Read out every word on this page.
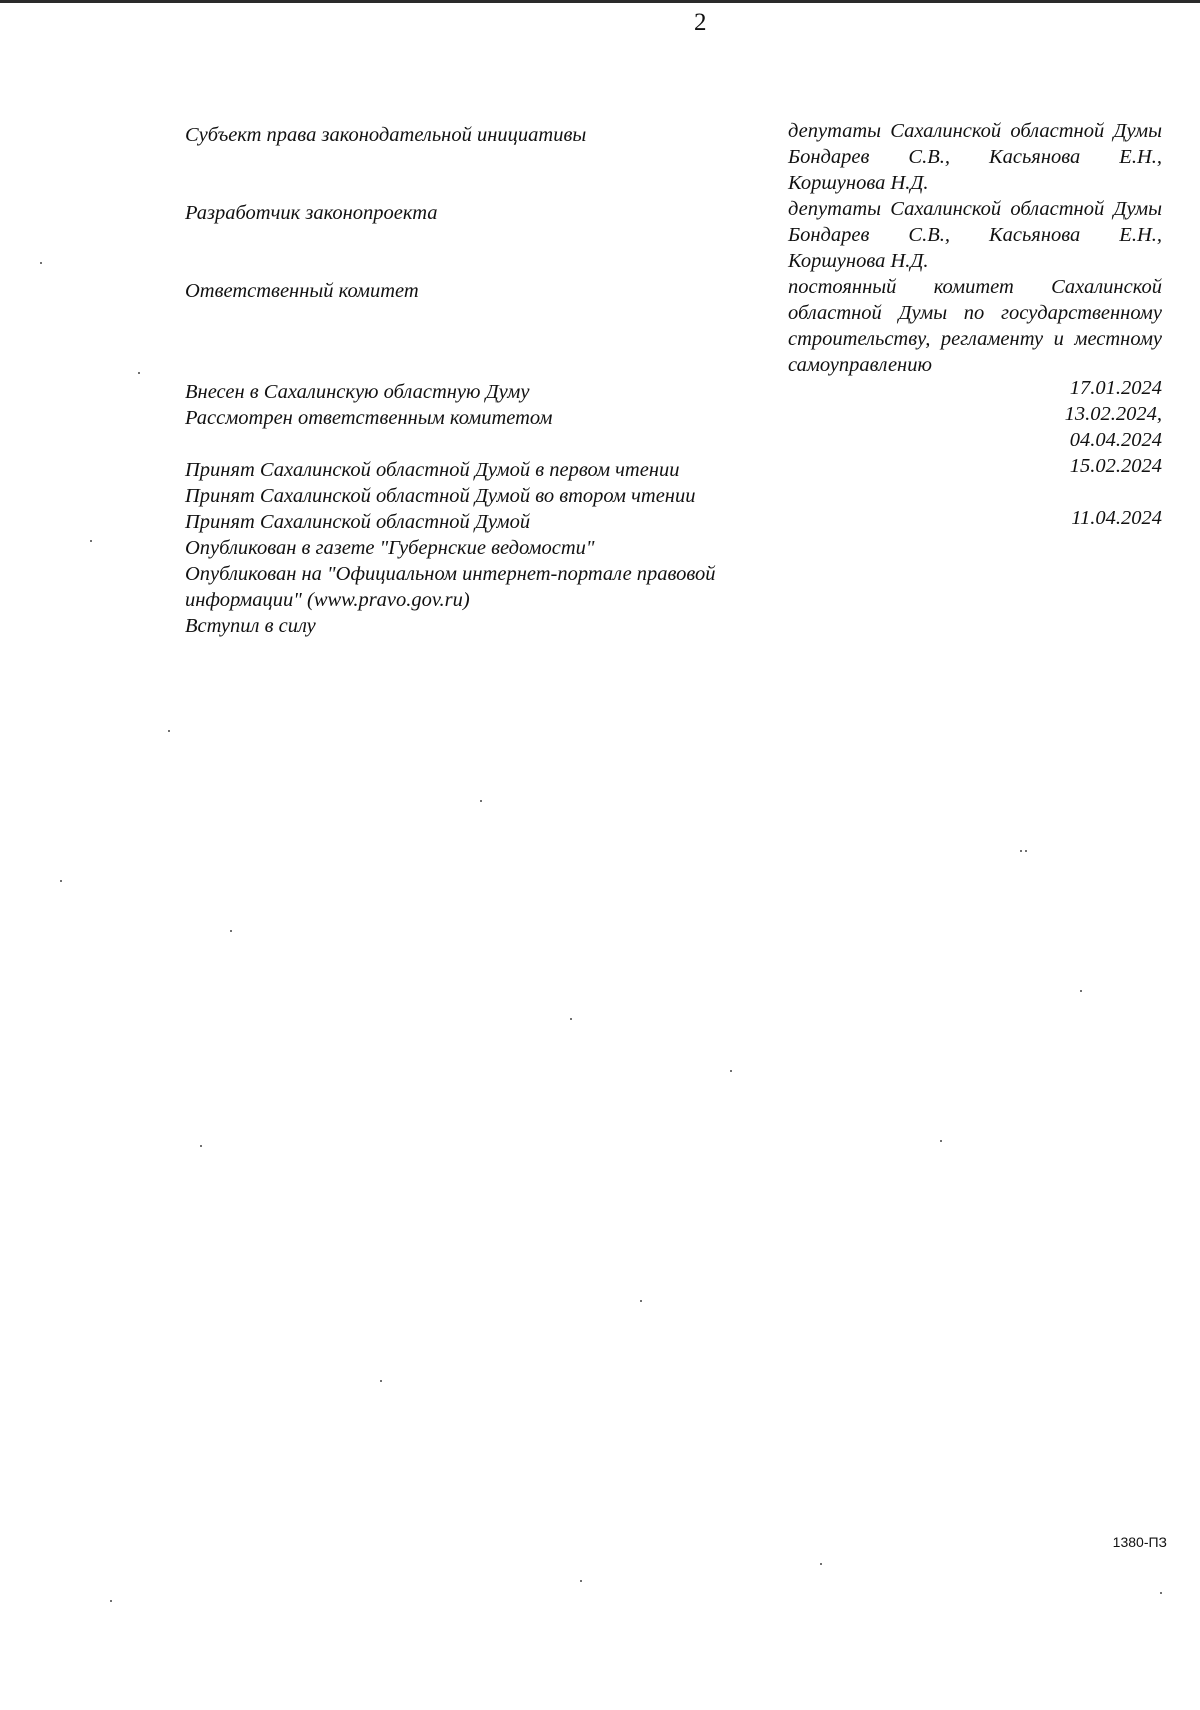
2
Субъект права законодательной инициативы	депутаты Сахалинской областной Думы Бондарев С.В., Касьянова Е.Н., Коршунова Н.Д.
Разработчик законопроекта	депутаты Сахалинской областной Думы Бондарев С.В., Касьянова Е.Н., Коршунова Н.Д.
Ответственный комитет	постоянный комитет Сахалинской областной Думы по государственному строительству, регламенту и местному самоуправлению
Внесен в Сахалинскую областную Думу	17.01.2024
Рассмотрен ответственным комитетом	13.02.2024,
04.04.2024
Принят Сахалинской областной Думой в первом чтении	15.02.2024
Принят Сахалинской областной Думой во втором чтении
Принят Сахалинской областной Думой	11.04.2024
Опубликован в газете "Губернские ведомости"
Опубликован на "Официальном интернет-портале правовой
информации" (www.pravo.gov.ru)
Вступил в силу
1380-ПЗ
